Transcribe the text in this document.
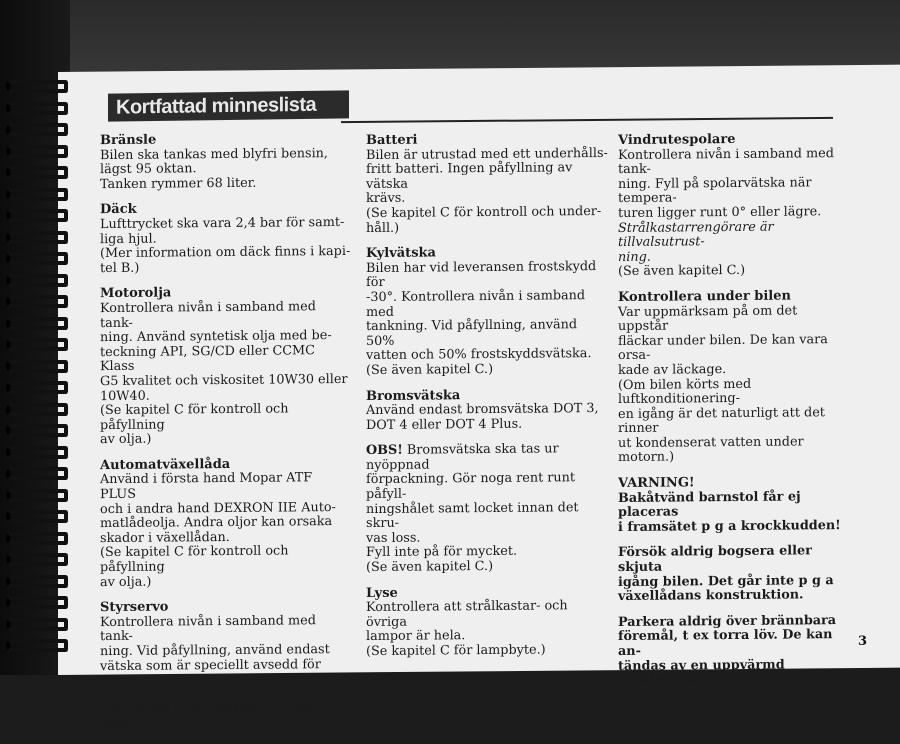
Kortfattad minneslista
Bränsle
Bilen ska tankas med blyfri bensin,
lägst 95 oktan.
Tanken rymmer 68 liter.
Däck
Lufttrycket ska vara 2,4 bar för samt-
liga hjul.
(Mer information om däck finns i kapi-
tel B.)
Motorolja
Kontrollera nivån i samband med tank-
ning. Använd syntetisk olja med be-
teckning API, SG/CD eller CCMC Klass
G5 kvalitet och viskositet 10W30 eller
10W40.
(Se kapitel C för kontroll och påfyllning
av olja.)
Automatväxellåda
Använd i första hand Mopar ATF PLUS
och i andra hand DEXRON IIE Auto-
matlådeolja. Andra oljor kan orsaka
skador i växellådan.
(Se kapitel C för kontroll och påfyllning
av olja.)
Styrservo
Kontrollera nivån i samband med tank-
ning. Vid påfyllning, använd endast
vätska som är speciellt avsedd för styr-
servo.
(Se kapitel C för kontroll och påfyll-
ning.)
Batteri
Bilen är utrustad med ett underhålls-
fritt batteri. Ingen påfyllning av vätska
krävs.
(Se kapitel C för kontroll och under-
håll.)
Kylvätska
Bilen har vid leveransen frostskydd för
-30°. Kontrollera nivån i samband med
tankning. Vid påfyllning, använd 50%
vatten och 50% frostskyddsvätska.
(Se även kapitel C.)
Bromsvätska
Använd endast bromsvätska DOT 3,
DOT 4 eller DOT 4 Plus.
OBS! Bromsvätska ska tas ur nyöppnad
förpackning. Gör noga rent runt påfyll-
ningshålet samt locket innan det skru-
vas loss.
Fyll inte på för mycket.
(Se även kapitel C.)
Lyse
Kontrollera att strålkastar- och övriga
lampor är hela.
(Se kapitel C för lampbyte.)
Vindrutespolare
Kontrollera nivån i samband med tank-
ning. Fyll på spolarvätska när tempera-
turen ligger runt 0° eller lägre.
Strålkastarrengörare är tillvalsutrust-
ning.
(Se även kapitel C.)
Kontrollera under bilen
Var uppmärksam på om det uppstår
fläckar under bilen. De kan vara orsa-
kade av läckage.
(Om bilen körts med luftkonditionering-
en igång är det naturligt att det rinner
ut kondenserat vatten under motorn.)
VARNING!
Bakåtvänd barnstol får ej placeras
i framsätet p g a krockkudden!
Försök aldrig bogsera eller skjuta
igång bilen. Det går inte p g a
växellådans konstruktion.
Parkera aldrig över brännbara
föremål, t ex torra löv. De kan an-
tändas av en uppvärmd katalysator.
3
